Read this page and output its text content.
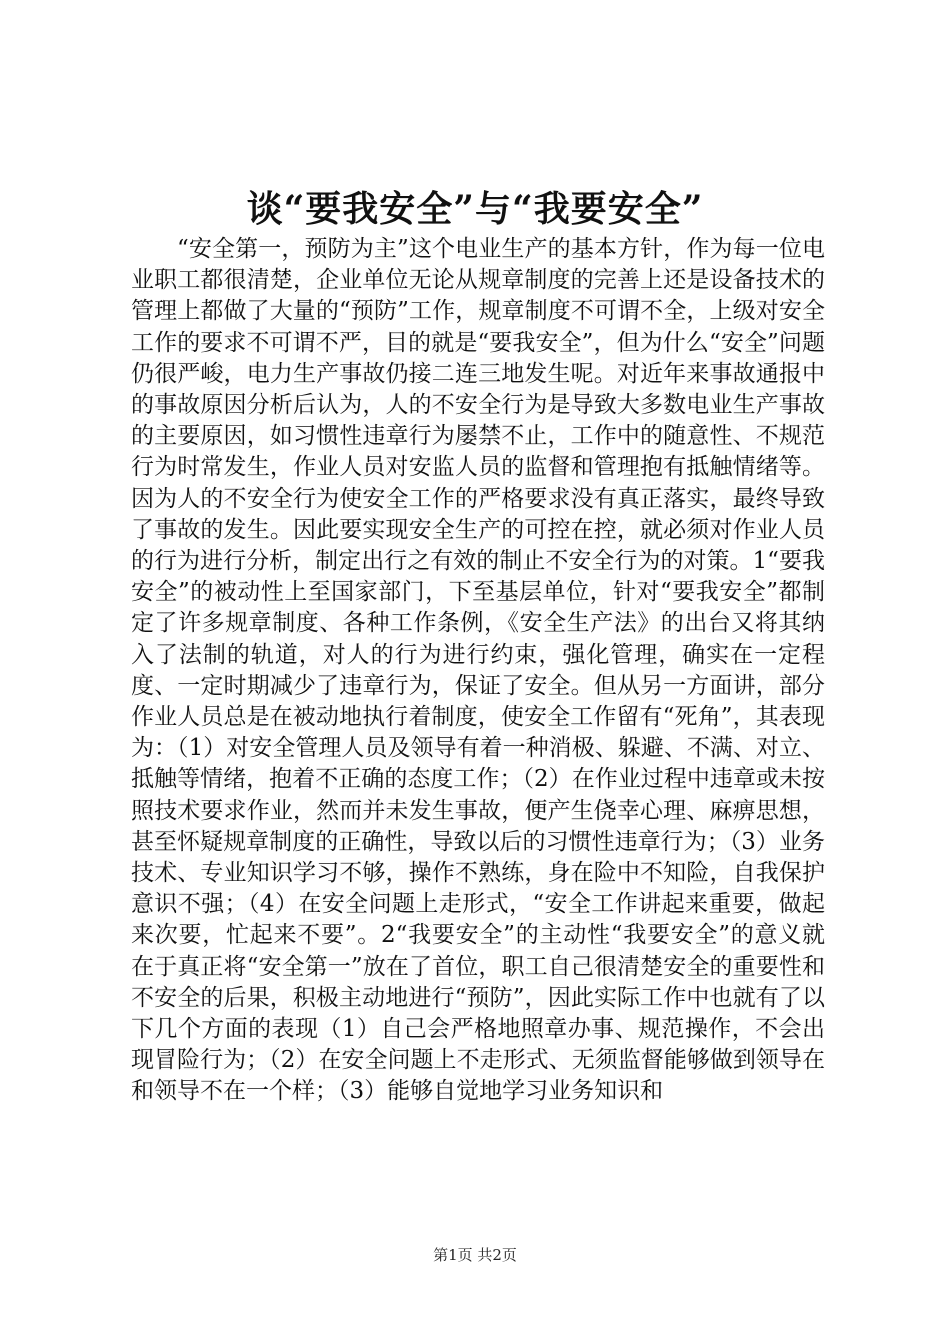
谈“要我安全”与“我要安全”

“安全第一，预防为主”这个电业生产的基本方针，作为每一位电业职工都很清楚，企业单位无论从规章制度的完善上还是设备技术的管理上都做了大量的“预防”工作，规章制度不可谓不全，上级对安全工作的要求不可谓不严，目的就是“要我安全”，但为什么“安全”问题仍很严峻，电力生产事故仍接二连三地发生呢。对近年来事故通报中的事故原因分析后认为，人的不安全行为是导致大多数电业生产事故的主要原因，如习惯性违章行为屡禁不止，工作中的随意性、不规范行为时常发生，作业人员对安监人员的监督和管理抱有抵触情绪等。因为人的不安全行为使安全工作的严格要求没有真正落实，最终导致了事故的发生。因此要实现安全生产的可控在控，就必须对作业人员的行为进行分析，制定出行之有效的制止不安全行为的对策。1“要我安全”的被动性上至国家部门，下至基层单位，针对“要我安全”都制定了许多规章制度、各种工作条例，《安全生产法》的出台又将其纳入了法制的轨道，对人的行为进行约束，强化管理，确实在一定程度、一定时期减少了违章行为，保证了安全。但从另一方面讲，部分作业人员总是在被动地执行着制度，使安全工作留有“死角”，其表现为：（1）对安全管理人员及领导有着一种消极、躲避、不满、对立、抵触等情绪，抱着不正确的态度工作；（2）在作业过程中违章或未按照技术要求作业，然而并未发生事故，便产生侥幸心理、麻痹思想，甚至怀疑规章制度的正确性，导致以后的习惯性违章行为；（3）业务技术、专业知识学习不够，操作不熟练，身在险中不知险，自我保护意识不强；（4）在安全问题上走形式，“安全工作讲起来重要，做起来次要，忙起来不要”。2“我要安全”的主动性“我要安全”的意义就在于真正将“安全第一”放在了首位，职工自己很清楚安全的重要性和不安全的后果，积极主动地进行“预防”，因此实际工作中也就有了以下几个方面的表现（1）自己会严格地照章办事、规范操作，不会出现冒险行为；（2）在安全问题上不走形式、无须监督能够做到领导在和领导不在一个样；（3）能够自觉地学习业务知识和

第1页 共2页
